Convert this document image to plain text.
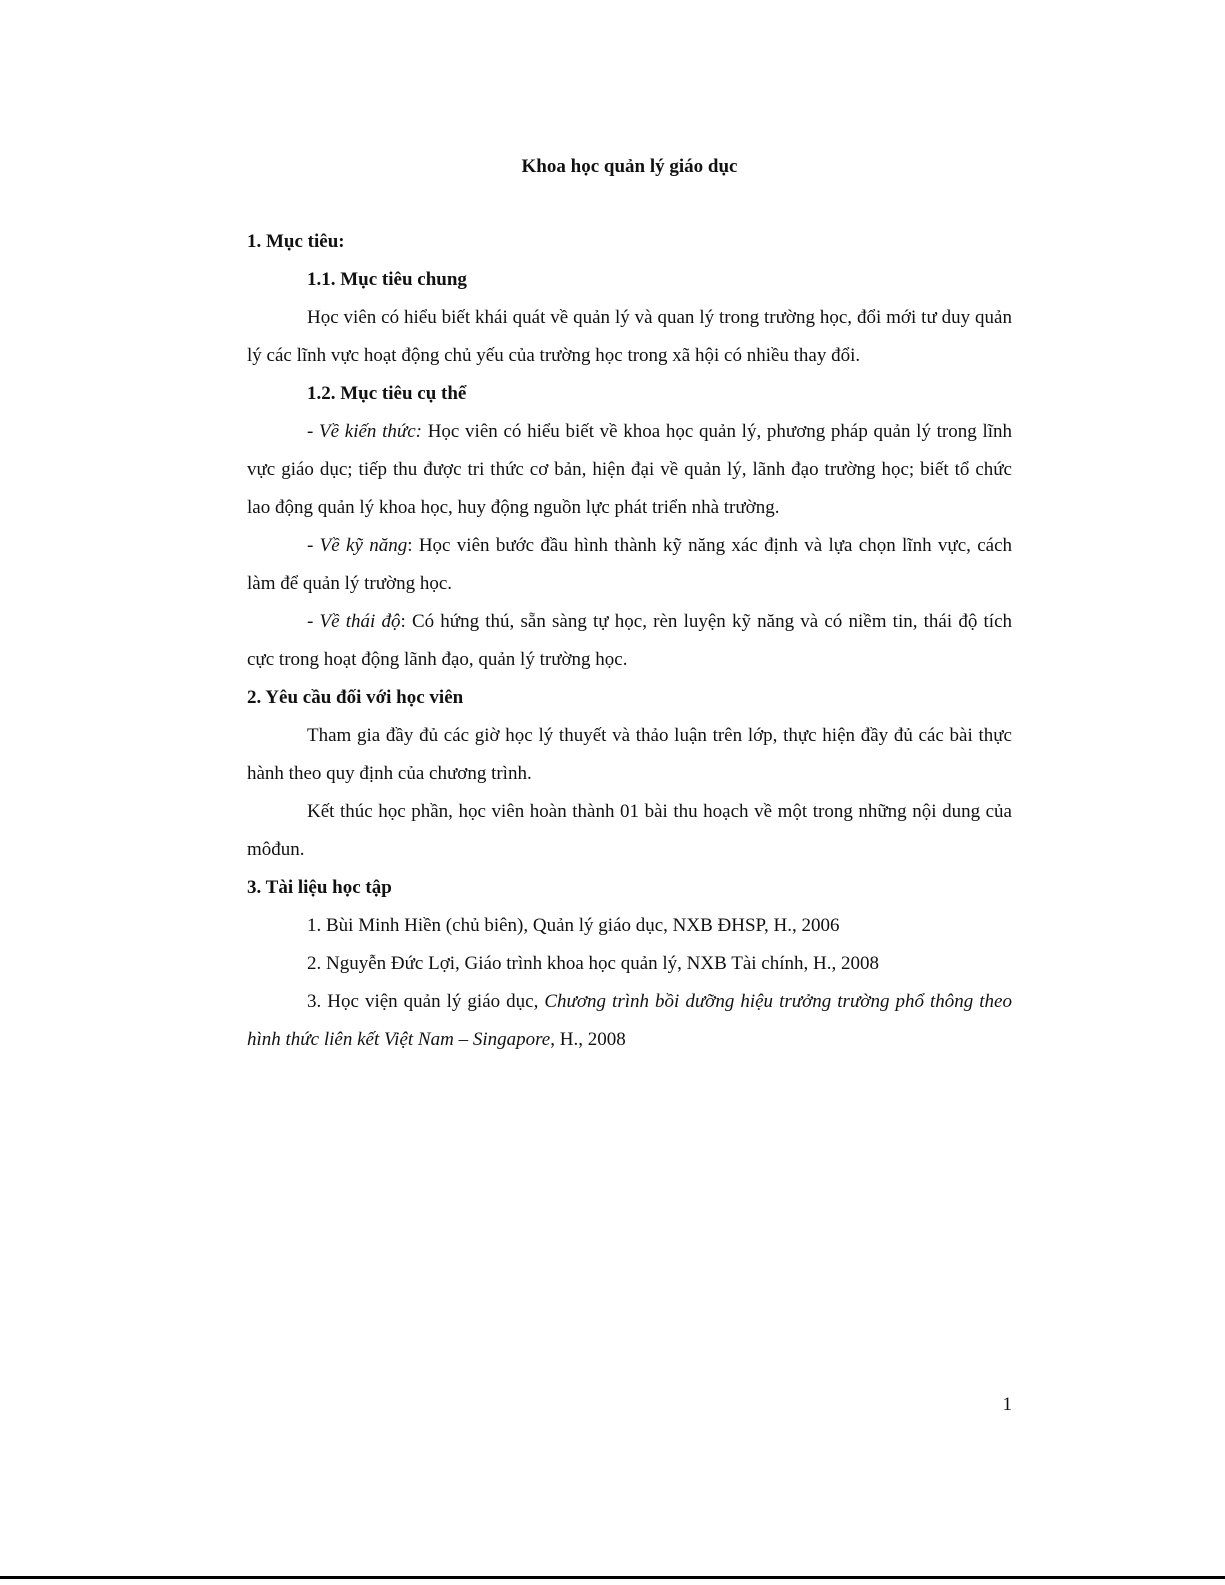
Khoa học quản lý giáo dục

1. Mục tiêu:

1.1. Mục tiêu chung

Học viên có hiểu biết khái quát về quản lý và quan lý trong trường học, đổi mới tư duy quản lý các lĩnh vực hoạt động chủ yếu của trường học trong xã hội có nhiều thay đổi.

1.2. Mục tiêu cụ thể

- Về kiến thức: Học viên có hiểu biết về khoa học quản lý, phương pháp quản lý trong lĩnh vực giáo dục; tiếp thu được tri thức cơ bản, hiện đại về quản lý, lãnh đạo trường học; biết tổ chức lao động quản lý khoa học, huy động nguồn lực phát triển nhà trường.

- Về kỹ năng: Học viên bước đầu hình thành kỹ năng xác định và lựa chọn lĩnh vực, cách làm để quản lý trường học.

- Về thái độ: Có hứng thú, sẵn sàng tự học, rèn luyện kỹ năng và có niềm tin, thái độ tích cực trong hoạt động lãnh đạo, quản lý trường học.

2. Yêu cầu đối với học viên

Tham gia đầy đủ các giờ học lý thuyết và thảo luận trên lớp, thực hiện đầy đủ các bài thực hành theo quy định của chương trình.

Kết thúc học phần, học viên hoàn thành 01 bài thu hoạch về một trong những nội dung của môđun.

3. Tài liệu học tập

1. Bùi Minh Hiền (chủ biên), Quản lý giáo dục, NXB ĐHSP, H., 2006

2. Nguyễn Đức Lợi, Giáo trình khoa học quản lý, NXB Tài chính, H., 2008

3. Học viện quản lý giáo dục, Chương trình bồi dưỡng hiệu trưởng trường phổ thông theo hình thức liên kết Việt Nam – Singapore, H., 2008

1
